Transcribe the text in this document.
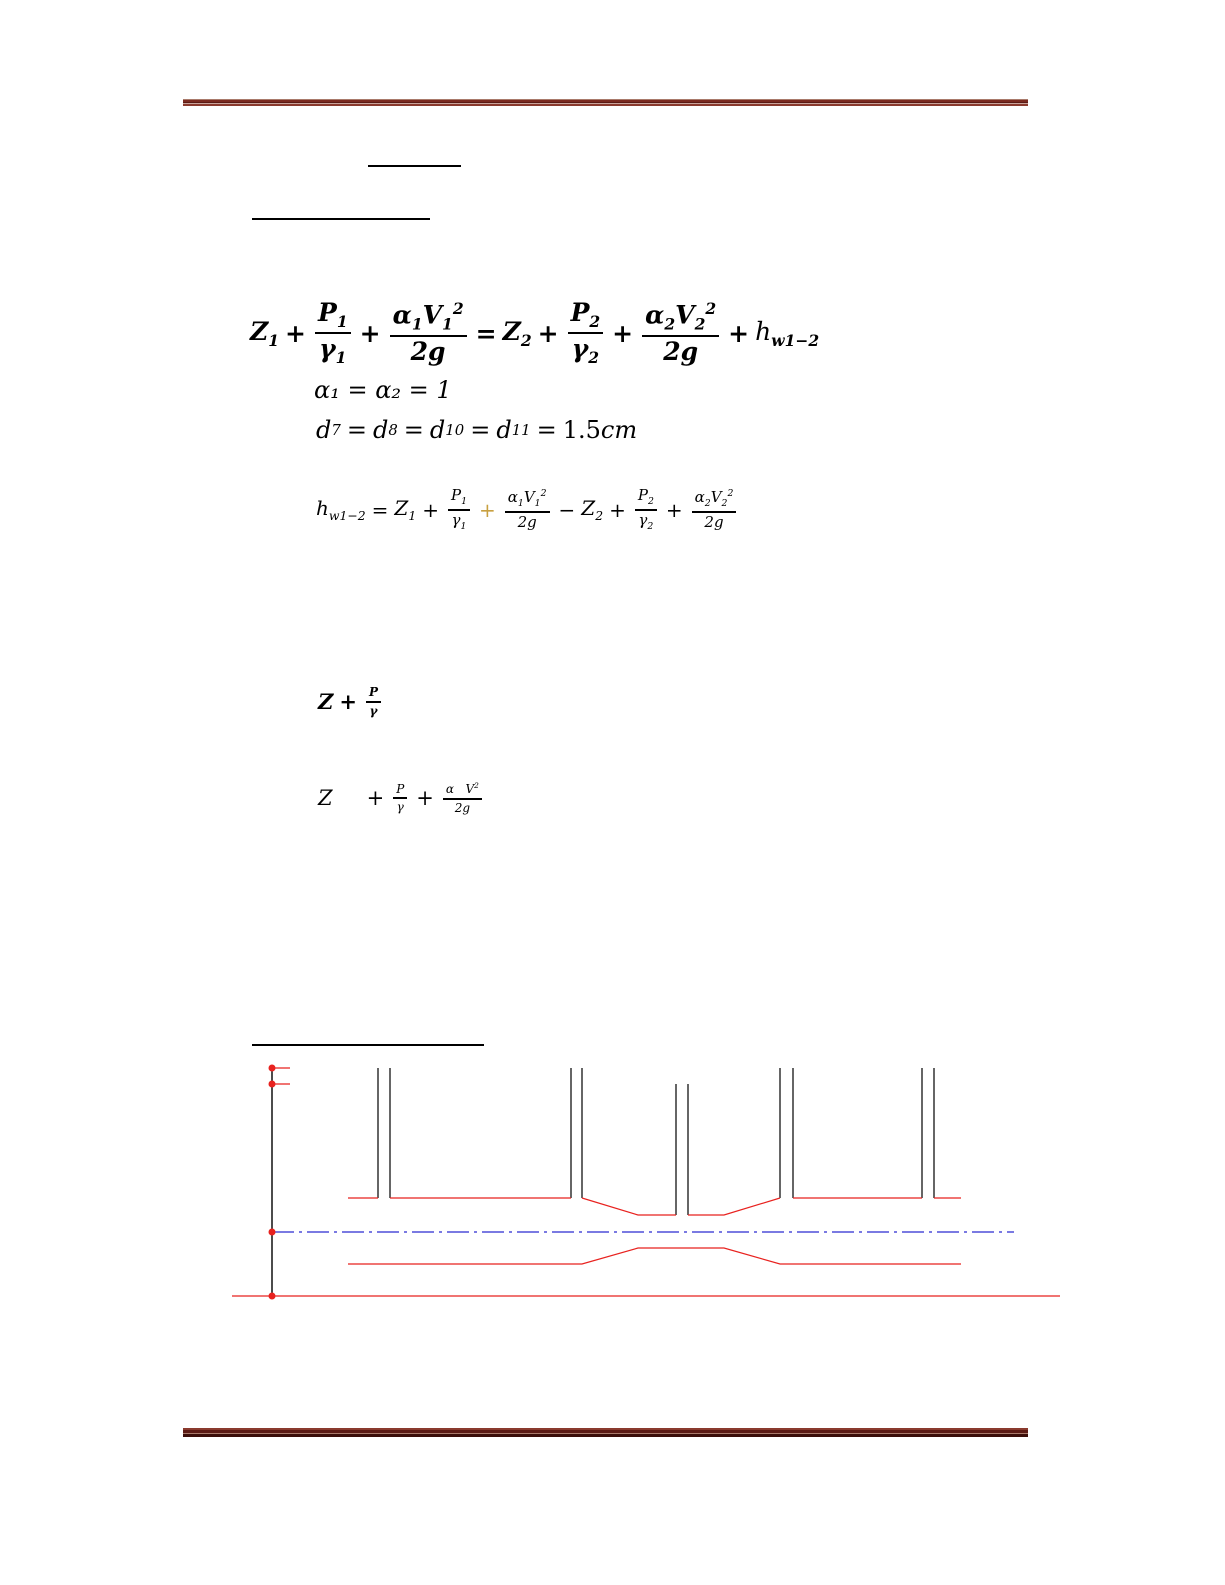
$Z_1 + \frac{P_1}{\gamma_1} + \frac{\alpha_1V_1^2}{2g} = Z_2 + \frac{P_2}{\gamma_2} + \frac{\alpha_2V_2^2}{2g} + h_{w1-2}$
α₁ = α₂ = 1
d 7 = d 8 = d 10 = d 11 = 1.5 cm
$h_{w1-2} = Z_1 + \frac{P_1}{\gamma_1} + \frac{\alpha_1V_1^2}{2g} - Z_2 + \frac{P_2}{\gamma_2} + \frac{\alpha_2V_2^2}{2g}$
$Z + \frac{P}{\gamma}$
$Z + \frac{P}{\gamma} + \frac{\alpha V^2}{2g}$
